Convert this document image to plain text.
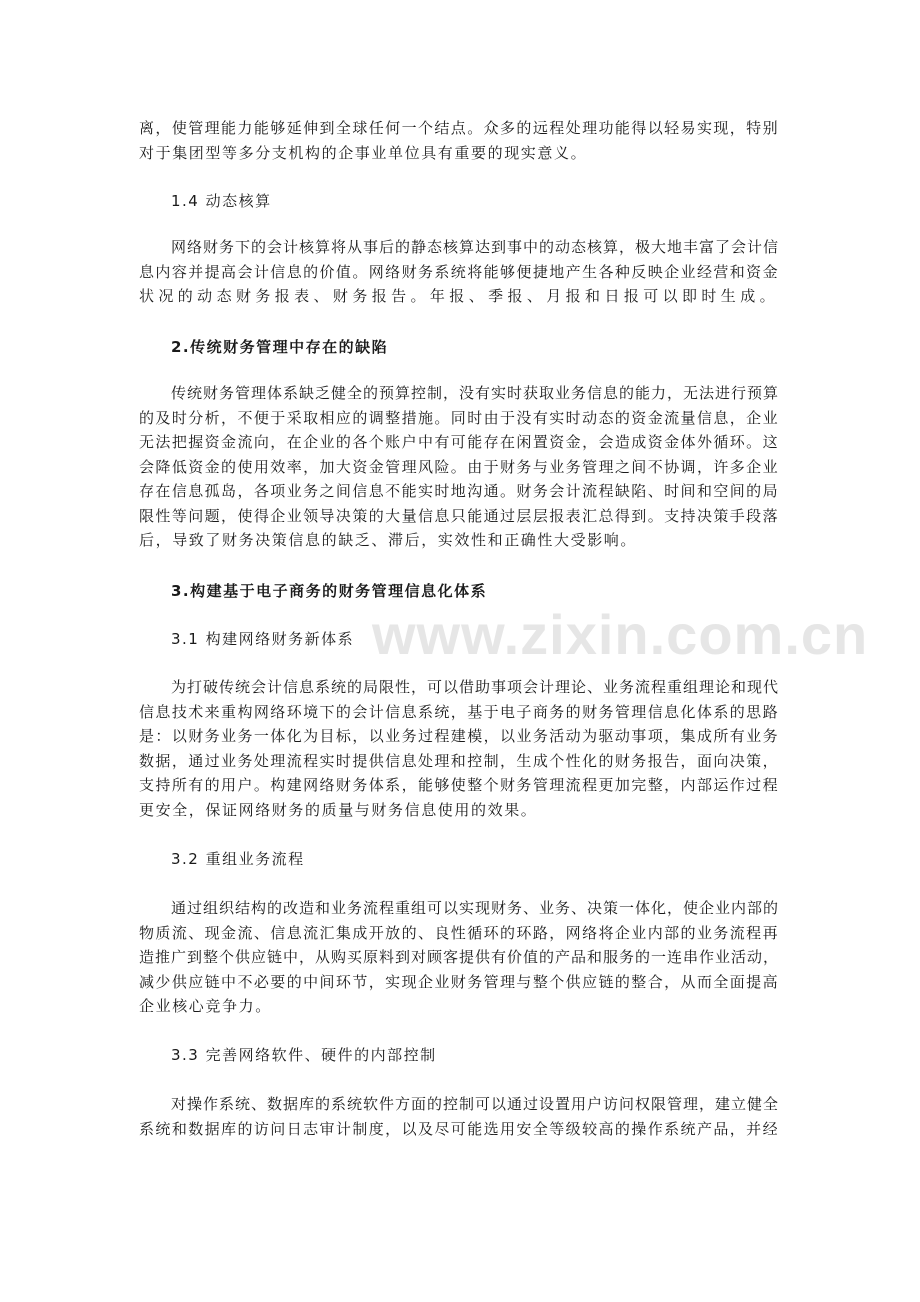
www.zixin.com.cn

离，使管理能力能够延伸到全球任何一个结点。众多的远程处理功能得以轻易实现，特别
对于集团型等多分支机构的企事业单位具有重要的现实意义。

1.4 动态核算

网络财务下的会计核算将从事后的静态核算达到事中的动态核算，极大地丰富了会计信
息内容并提高会计信息的价值。网络财务系统将能够便捷地产生各种反映企业经营和资金
状况的动态财务报表、财务报告。年报、季报、月报和日报可以即时生成。

2.传统财务管理中存在的缺陷

传统财务管理体系缺乏健全的预算控制，没有实时获取业务信息的能力，无法进行预算
的及时分析，不便于采取相应的调整措施。同时由于没有实时动态的资金流量信息，企业
无法把握资金流向，在企业的各个账户中有可能存在闲置资金，会造成资金体外循环。这
会降低资金的使用效率，加大资金管理风险。由于财务与业务管理之间不协调，许多企业
存在信息孤岛，各项业务之间信息不能实时地沟通。财务会计流程缺陷、时间和空间的局
限性等问题，使得企业领导决策的大量信息只能通过层层报表汇总得到。支持决策手段落
后，导致了财务决策信息的缺乏、滞后，实效性和正确性大受影响。

3.构建基于电子商务的财务管理信息化体系

3.1 构建网络财务新体系

为打破传统会计信息系统的局限性，可以借助事项会计理论、业务流程重组理论和现代
信息技术来重构网络环境下的会计信息系统，基于电子商务的财务管理信息化体系的思路
是：以财务业务一体化为目标，以业务过程建模，以业务活动为驱动事项，集成所有业务
数据，通过业务处理流程实时提供信息处理和控制，生成个性化的财务报告，面向决策，
支持所有的用户。构建网络财务体系，能够使整个财务管理流程更加完整，内部运作过程
更安全，保证网络财务的质量与财务信息使用的效果。

3.2 重组业务流程

通过组织结构的改造和业务流程重组可以实现财务、业务、决策一体化，使企业内部的
物质流、现金流、信息流汇集成开放的、良性循环的环路，网络将企业内部的业务流程再
造推广到整个供应链中，从购买原料到对顾客提供有价值的产品和服务的一连串作业活动，
减少供应链中不必要的中间环节，实现企业财务管理与整个供应链的整合，从而全面提高
企业核心竞争力。

3.3 完善网络软件、硬件的内部控制

对操作系统、数据库的系统软件方面的控制可以通过设置用户访问权限管理，建立健全
系统和数据库的访问日志审计制度，以及尽可能选用安全等级较高的操作系统产品，并经
